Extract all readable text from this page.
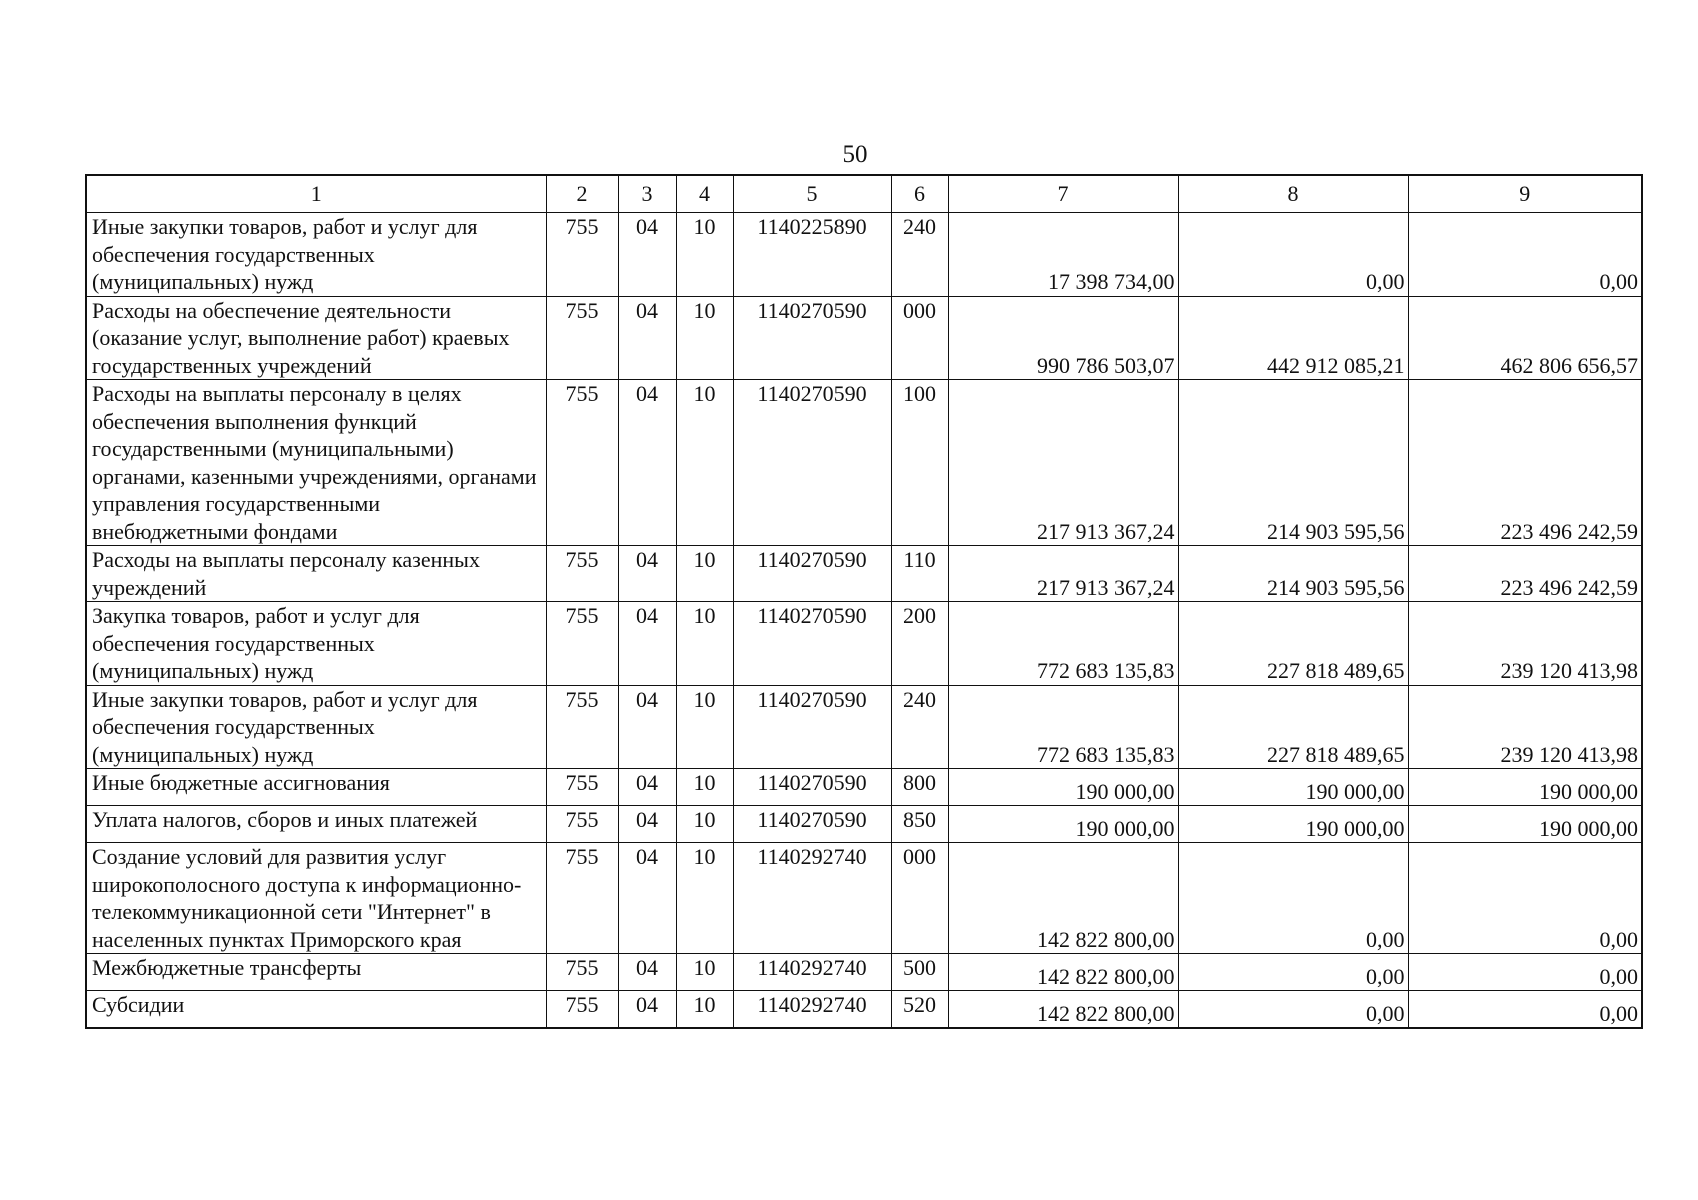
50
1	2	3	4	5	6	7	8	9
Иные закупки товаров, работ и услуг для обеспечения государственных (муниципальных) нужд	755	04	10	1140225890	240	17 398 734,00	0,00	0,00
Расходы на обеспечение деятельности (оказание услуг, выполнение работ) краевых государственных учреждений	755	04	10	1140270590	000	990 786 503,07	442 912 085,21	462 806 656,57
Расходы на выплаты персоналу в целях обеспечения выполнения функций государственными (муниципальными) органами, казенными учреждениями, органами управления государственными внебюджетными фондами	755	04	10	1140270590	100	217 913 367,24	214 903 595,56	223 496 242,59
Расходы на выплаты персоналу казенных учреждений	755	04	10	1140270590	110	217 913 367,24	214 903 595,56	223 496 242,59
Закупка товаров, работ и услуг для обеспечения государственных (муниципальных) нужд	755	04	10	1140270590	200	772 683 135,83	227 818 489,65	239 120 413,98
Иные закупки товаров, работ и услуг для обеспечения государственных (муниципальных) нужд	755	04	10	1140270590	240	772 683 135,83	227 818 489,65	239 120 413,98
Иные бюджетные ассигнования	755	04	10	1140270590	800	190 000,00	190 000,00	190 000,00
Уплата налогов, сборов и иных платежей	755	04	10	1140270590	850	190 000,00	190 000,00	190 000,00
Создание условий для развития услуг широкополосного доступа к информационно-телекоммуникационной сети "Интернет" в населенных пунктах Приморского края	755	04	10	1140292740	000	142 822 800,00	0,00	0,00
Межбюджетные трансферты	755	04	10	1140292740	500	142 822 800,00	0,00	0,00
Субсидии	755	04	10	1140292740	520	142 822 800,00	0,00	0,00
